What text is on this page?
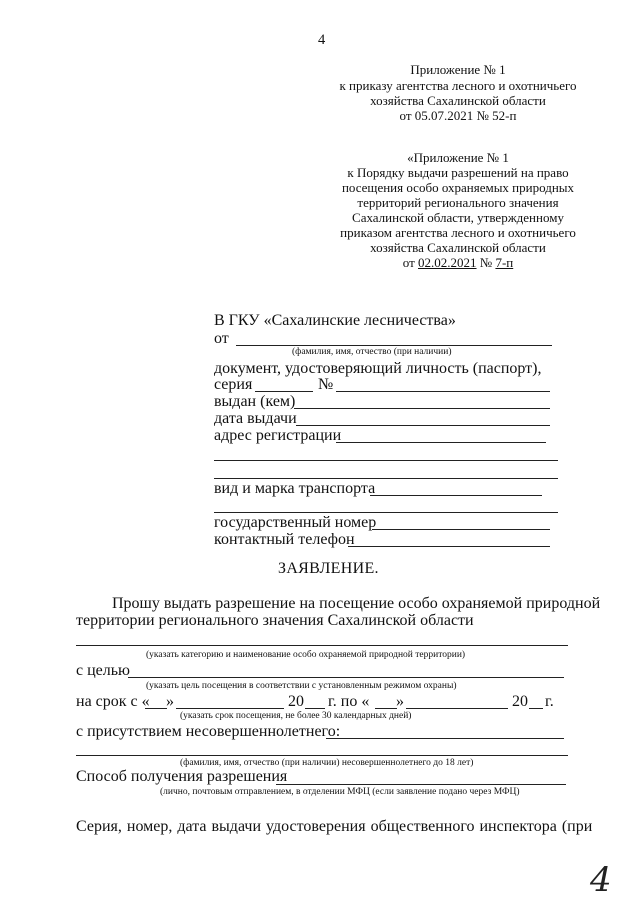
4
Приложение № 1
к приказу агентства лесного и охотничьего
хозяйства Сахалинской области
от 05.07.2021 № 52-п
«Приложение № 1
к Порядку выдачи разрешений на право
посещения особо охраняемых природных
территорий регионального значения
Сахалинской области, утвержденному
приказом агентства лесного и охотничьего
хозяйства Сахалинской области
от 02.02.2021 № 7-п
В ГКУ «Сахалинские лесничества»
от
(фамилия, имя, отчество (при наличии)
документ, удостоверяющий личность (паспорт),
серия	№
выдан (кем)
дата выдачи
адрес регистрации
вид и марка транспорта
государственный номер
контактный телефон
ЗАЯВЛЕНИЕ.
Прошу выдать разрешение на посещение особо охраняемой природной
территории регионального значения Сахалинской области
(указать категорию и наименование особо охраняемой природной территории)
с целью
(указать цель посещения в соответствии с установленным режимом охраны)
на срок с « »	20 г. по « »	20 г.
(указать срок посещения, не более 30 календарных дней)
с присутствием несовершеннолетнего:
(фамилия, имя, отчество (при наличии) несовершеннолетнего до 18 лет)
Способ получения разрешения
(лично, почтовым отправлением, в отделении МФЦ (если заявление подано через МФЦ)
Серия, номер, дата выдачи удостоверения общественного инспектора (при
4
